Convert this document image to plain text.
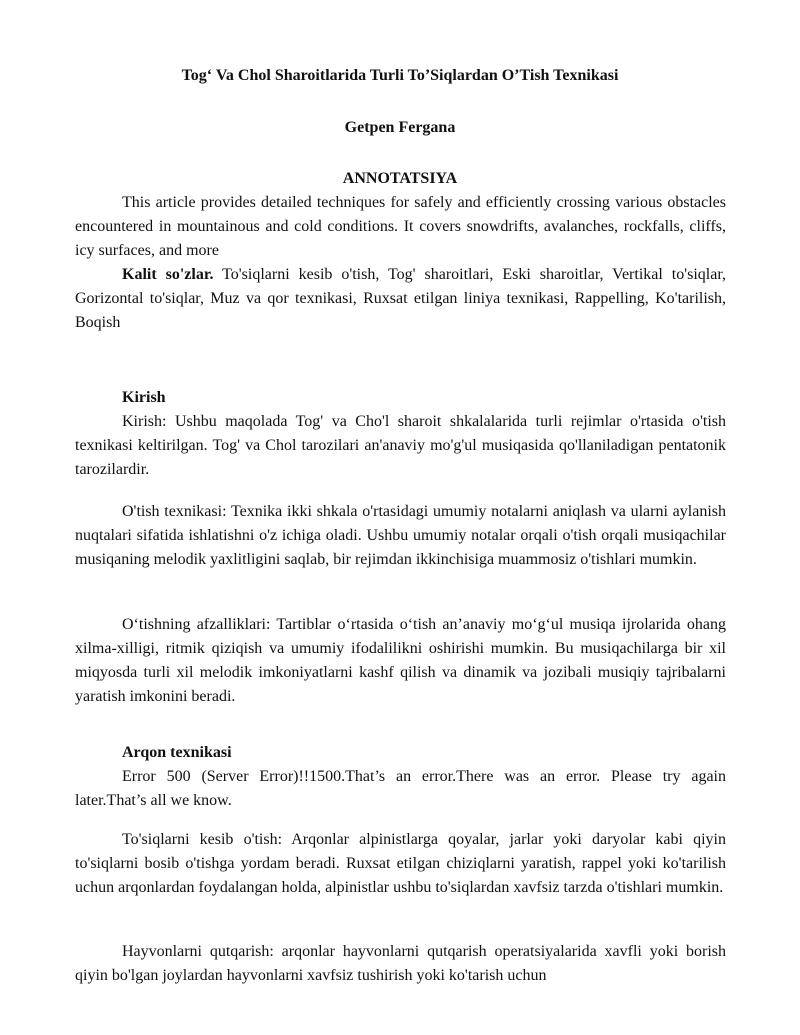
Tog‘ Va Chol Sharoitlarida Turli To’Siqlardan O’Tish Texnikasi
Getpen Fergana
ANNOTATSIYA

This article provides detailed techniques for safely and efficiently crossing various obstacles encountered in mountainous and cold conditions. It covers snowdrifts, avalanches, rockfalls, cliffs, icy surfaces, and more

Kalit so'zlar. To'siqlarni kesib o'tish, Tog' sharoitlari, Eski sharoitlar, Vertikal to'siqlar, Gorizontal to'siqlar, Muz va qor texnikasi, Ruxsat etilgan liniya texnikasi, Rappelling, Ko'tarilish, Boqish

Kirish

Kirish: Ushbu maqolada Tog' va Cho'l sharoit shkalalarida turli rejimlar o'rtasida o'tish texnikasi keltirilgan. Tog' va Chol tarozilari an'anaviy mo'g'ul musiqasida qo'llaniladigan pentatonik tarozilardir.

O'tish texnikasi: Texnika ikki shkala o'rtasidagi umumiy notalarni aniqlash va ularni aylanish nuqtalari sifatida ishlatishni o'z ichiga oladi. Ushbu umumiy notalar orqali o'tish orqali musiqachilar musiqaning melodik yaxlitligini saqlab, bir rejimdan ikkinchisiga muammosiz o'tishlari mumkin.

O‘tishning afzalliklari: Tartiblar o‘rtasida o‘tish an’anaviy mo‘g‘ul musiqa ijrolarida ohang xilma-xilligi, ritmik qiziqish va umumiy ifodalilikni oshirishi mumkin. Bu musiqachilarga bir xil miqyosda turli xil melodik imkoniyatlarni kashf qilish va dinamik va jozibali musiqiy tajribalarni yaratish imkonini beradi.

Arqon texnikasi

Error 500 (Server Error)!!1500.That’s an error.There was an error. Please try again later.That’s all we know.

To'siqlarni kesib o'tish: Arqonlar alpinistlarga qoyalar, jarlar yoki daryolar kabi qiyin to'siqlarni bosib o'tishga yordam beradi. Ruxsat etilgan chiziqlarni yaratish, rappel yoki ko'tarilish uchun arqonlardan foydalangan holda, alpinistlar ushbu to'siqlardan xavfsiz tarzda o'tishlari mumkin.

Hayvonlarni qutqarish: arqonlar hayvonlarni qutqarish operatsiyalarida xavfli yoki borish qiyin bo'lgan joylardan hayvonlarni xavfsiz tushirish yoki ko'tarish uchun
